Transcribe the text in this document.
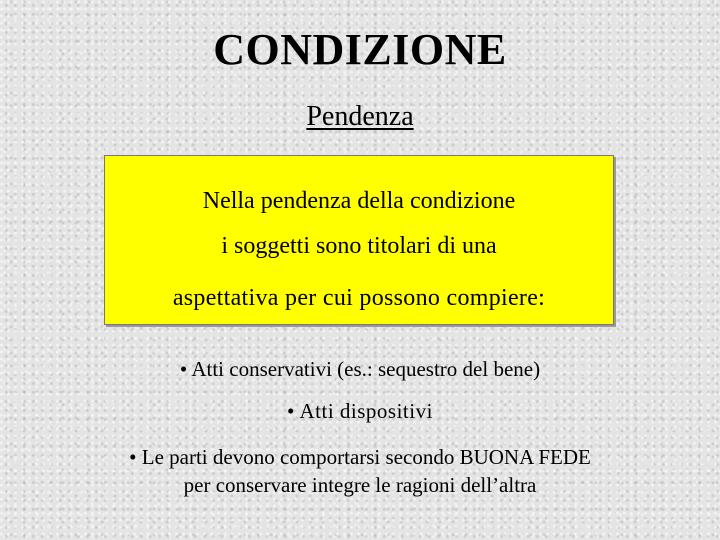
CONDIZIONE
Pendenza
Nella pendenza della condizione
i soggetti sono titolari di una
aspettativa per cui possono compiere:
• Atti conservativi (es.: sequestro del bene)
• Atti dispositivi
• Le parti devono comportarsi secondo BUONA FEDE
per conservare integre le ragioni dell’altra
